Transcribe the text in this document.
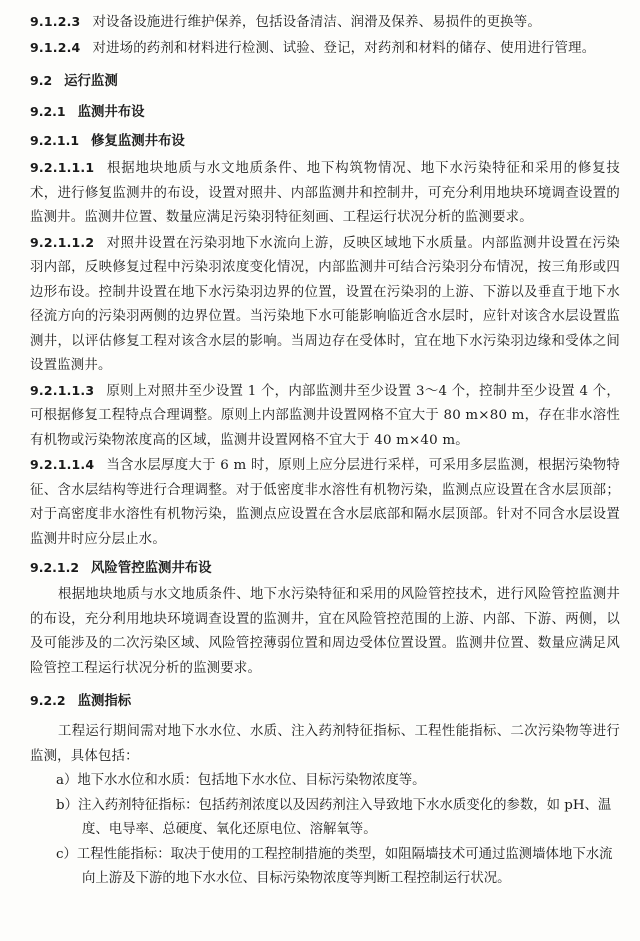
9.1.2.3 对设备设施进行维护保养，包括设备清洁、润滑及保养、易损件的更换等。

9.1.2.4 对进场的药剂和材料进行检测、试验、登记，对药剂和材料的储存、使用进行管理。

9.2 运行监测

9.2.1 监测井布设

9.2.1.1 修复监测井布设

9.2.1.1.1 根据地块地质与水文地质条件、地下构筑物情况、地下水污染特征和采用的修复技术，进行修复监测井的布设，设置对照井、内部监测井和控制井，可充分利用地块环境调查设置的监测井。监测井位置、数量应满足污染羽特征刻画、工程运行状况分析的监测要求。

9.2.1.1.2 对照井设置在污染羽地下水流向上游，反映区域地下水质量。内部监测井设置在污染羽内部，反映修复过程中污染羽浓度变化情况，内部监测井可结合污染羽分布情况，按三角形或四边形布设。控制井设置在地下水污染羽边界的位置，设置在污染羽的上游、下游以及垂直于地下水径流方向的污染羽两侧的边界位置。当污染地下水可能影响临近含水层时，应针对该含水层设置监测井，以评估修复工程对该含水层的影响。当周边存在受体时，宜在地下水污染羽边缘和受体之间设置监测井。

9.2.1.1.3 原则上对照井至少设置 1 个，内部监测井至少设置 3～4 个，控制井至少设置 4 个，可根据修复工程特点合理调整。原则上内部监测井设置网格不宜大于 80 m×80 m，存在非水溶性有机物或污染物浓度高的区域，监测井设置网格不宜大于 40 m×40 m。

9.2.1.1.4 当含水层厚度大于 6 m 时，原则上应分层进行采样，可采用多层监测，根据污染物特征、含水层结构等进行合理调整。对于低密度非水溶性有机物污染，监测点应设置在含水层顶部；对于高密度非水溶性有机物污染，监测点应设置在含水层底部和隔水层顶部。针对不同含水层设置监测井时应分层止水。

9.2.1.2 风险管控监测井布设

根据地块地质与水文地质条件、地下水污染特征和采用的风险管控技术，进行风险管控监测井的布设，充分利用地块环境调查设置的监测井，宜在风险管控范围的上游、内部、下游、两侧，以及可能涉及的二次污染区域、风险管控薄弱位置和周边受体位置设置。监测井位置、数量应满足风险管控工程运行状况分析的监测要求。

9.2.2 监测指标

工程运行期间需对地下水水位、水质、注入药剂特征指标、工程性能指标、二次污染物等进行监测，具体包括：

a）地下水水位和水质：包括地下水水位、目标污染物浓度等。

b）注入药剂特征指标：包括药剂浓度以及因药剂注入导致地下水水质变化的参数，如 pH、温度、电导率、总硬度、氧化还原电位、溶解氧等。

c）工程性能指标：取决于使用的工程控制措施的类型，如阻隔墙技术可通过监测墙体地下水流向上游及下游的地下水水位、目标污染物浓度等判断工程控制运行状况。
